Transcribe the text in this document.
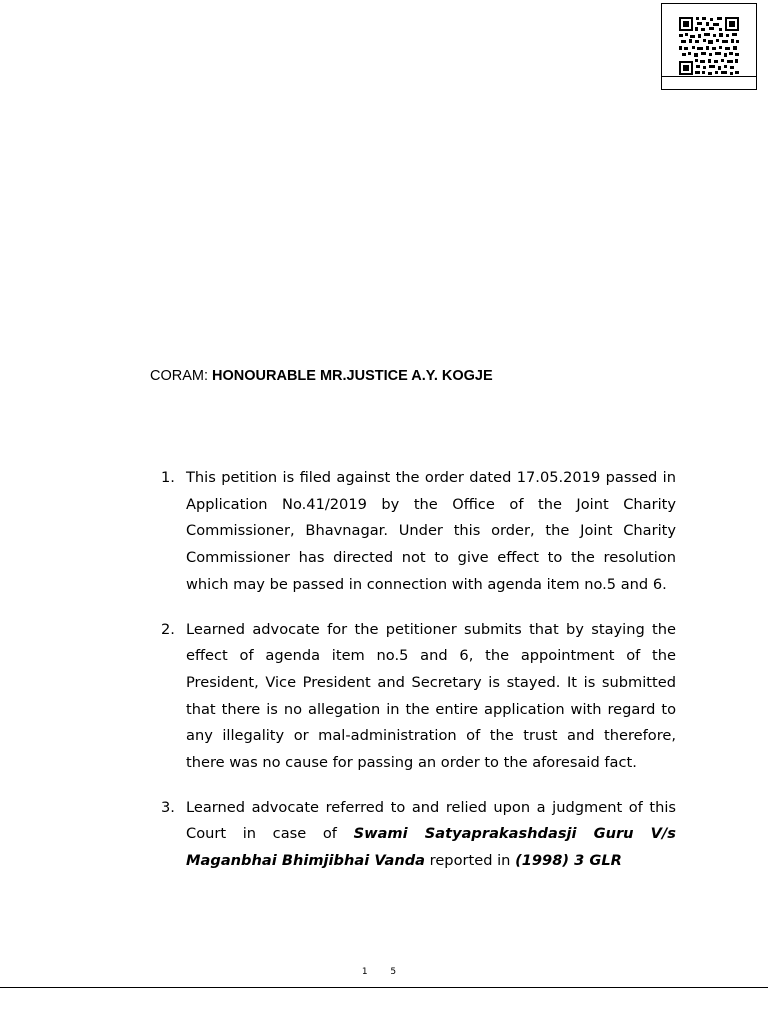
CORAM: HONOURABLE MR.JUSTICE A.Y. KOGJE
1. This petition is filed against the order dated 17.05.2019 passed in Application No.41/2019 by the Office of the Joint Charity Commissioner, Bhavnagar. Under this order, the Joint Charity Commissioner has directed not to give effect to the resolution which may be passed in connection with agenda item no.5 and 6.
2. Learned advocate for the petitioner submits that by staying the effect of agenda item no.5 and 6, the appointment of the President, Vice President and Secretary is stayed. It is submitted that there is no allegation in the entire application with regard to any illegality or mal-administration of the trust and therefore, there was no cause for passing an order to the aforesaid fact.
3. Learned advocate referred to and relied upon a judgment of this Court in case of Swami Satyaprakashdasji Guru V/s Maganbhai Bhimjibhai Vanda reported in (1998) 3 GLR
1 5
